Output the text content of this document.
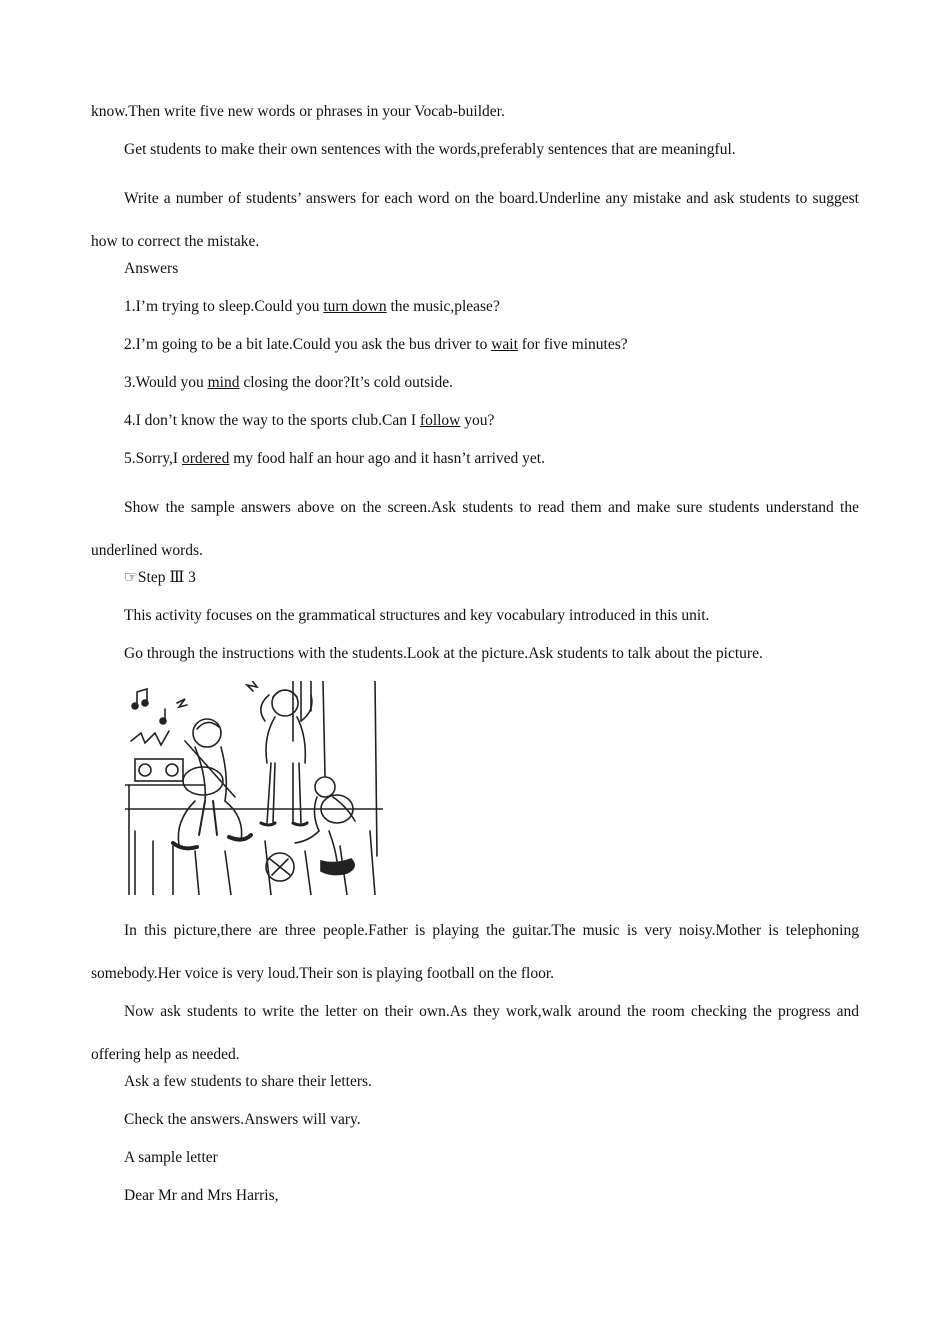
know.Then write five new words or phrases in your Vocab-builder.

Get students to make their own sentences with the words,preferably sentences that are meaningful.

Write a number of students’ answers for each word on the board.Underline any mistake and ask students to suggest how to correct the mistake.

Answers

1.I’m trying to sleep.Could you turn down the music,please?

2.I’m going to be a bit late.Could you ask the bus driver to wait for five minutes?

3.Would you mind closing the door?It’s cold outside.

4.I don’t know the way to the sports club.Can I follow you?

5.Sorry,I ordered my food half an hour ago and it hasn’t arrived yet.

Show the sample answers above on the screen.Ask students to read them and make sure students understand the underlined words.

☞Step Ⅲ 3

This activity focuses on the grammatical structures and key vocabulary introduced in this unit.

Go through the instructions with the students.Look at the picture.Ask students to talk about the picture.

In this picture,there are three people.Father is playing the guitar.The music is very noisy.Mother is telephoning somebody.Her voice is very loud.Their son is playing football on the floor.

Now ask students to write the letter on their own.As they work,walk around the room checking the progress and offering help as needed.

Ask a few students to share their letters.

Check the answers.Answers will vary.

A sample letter

Dear Mr and Mrs Harris,
